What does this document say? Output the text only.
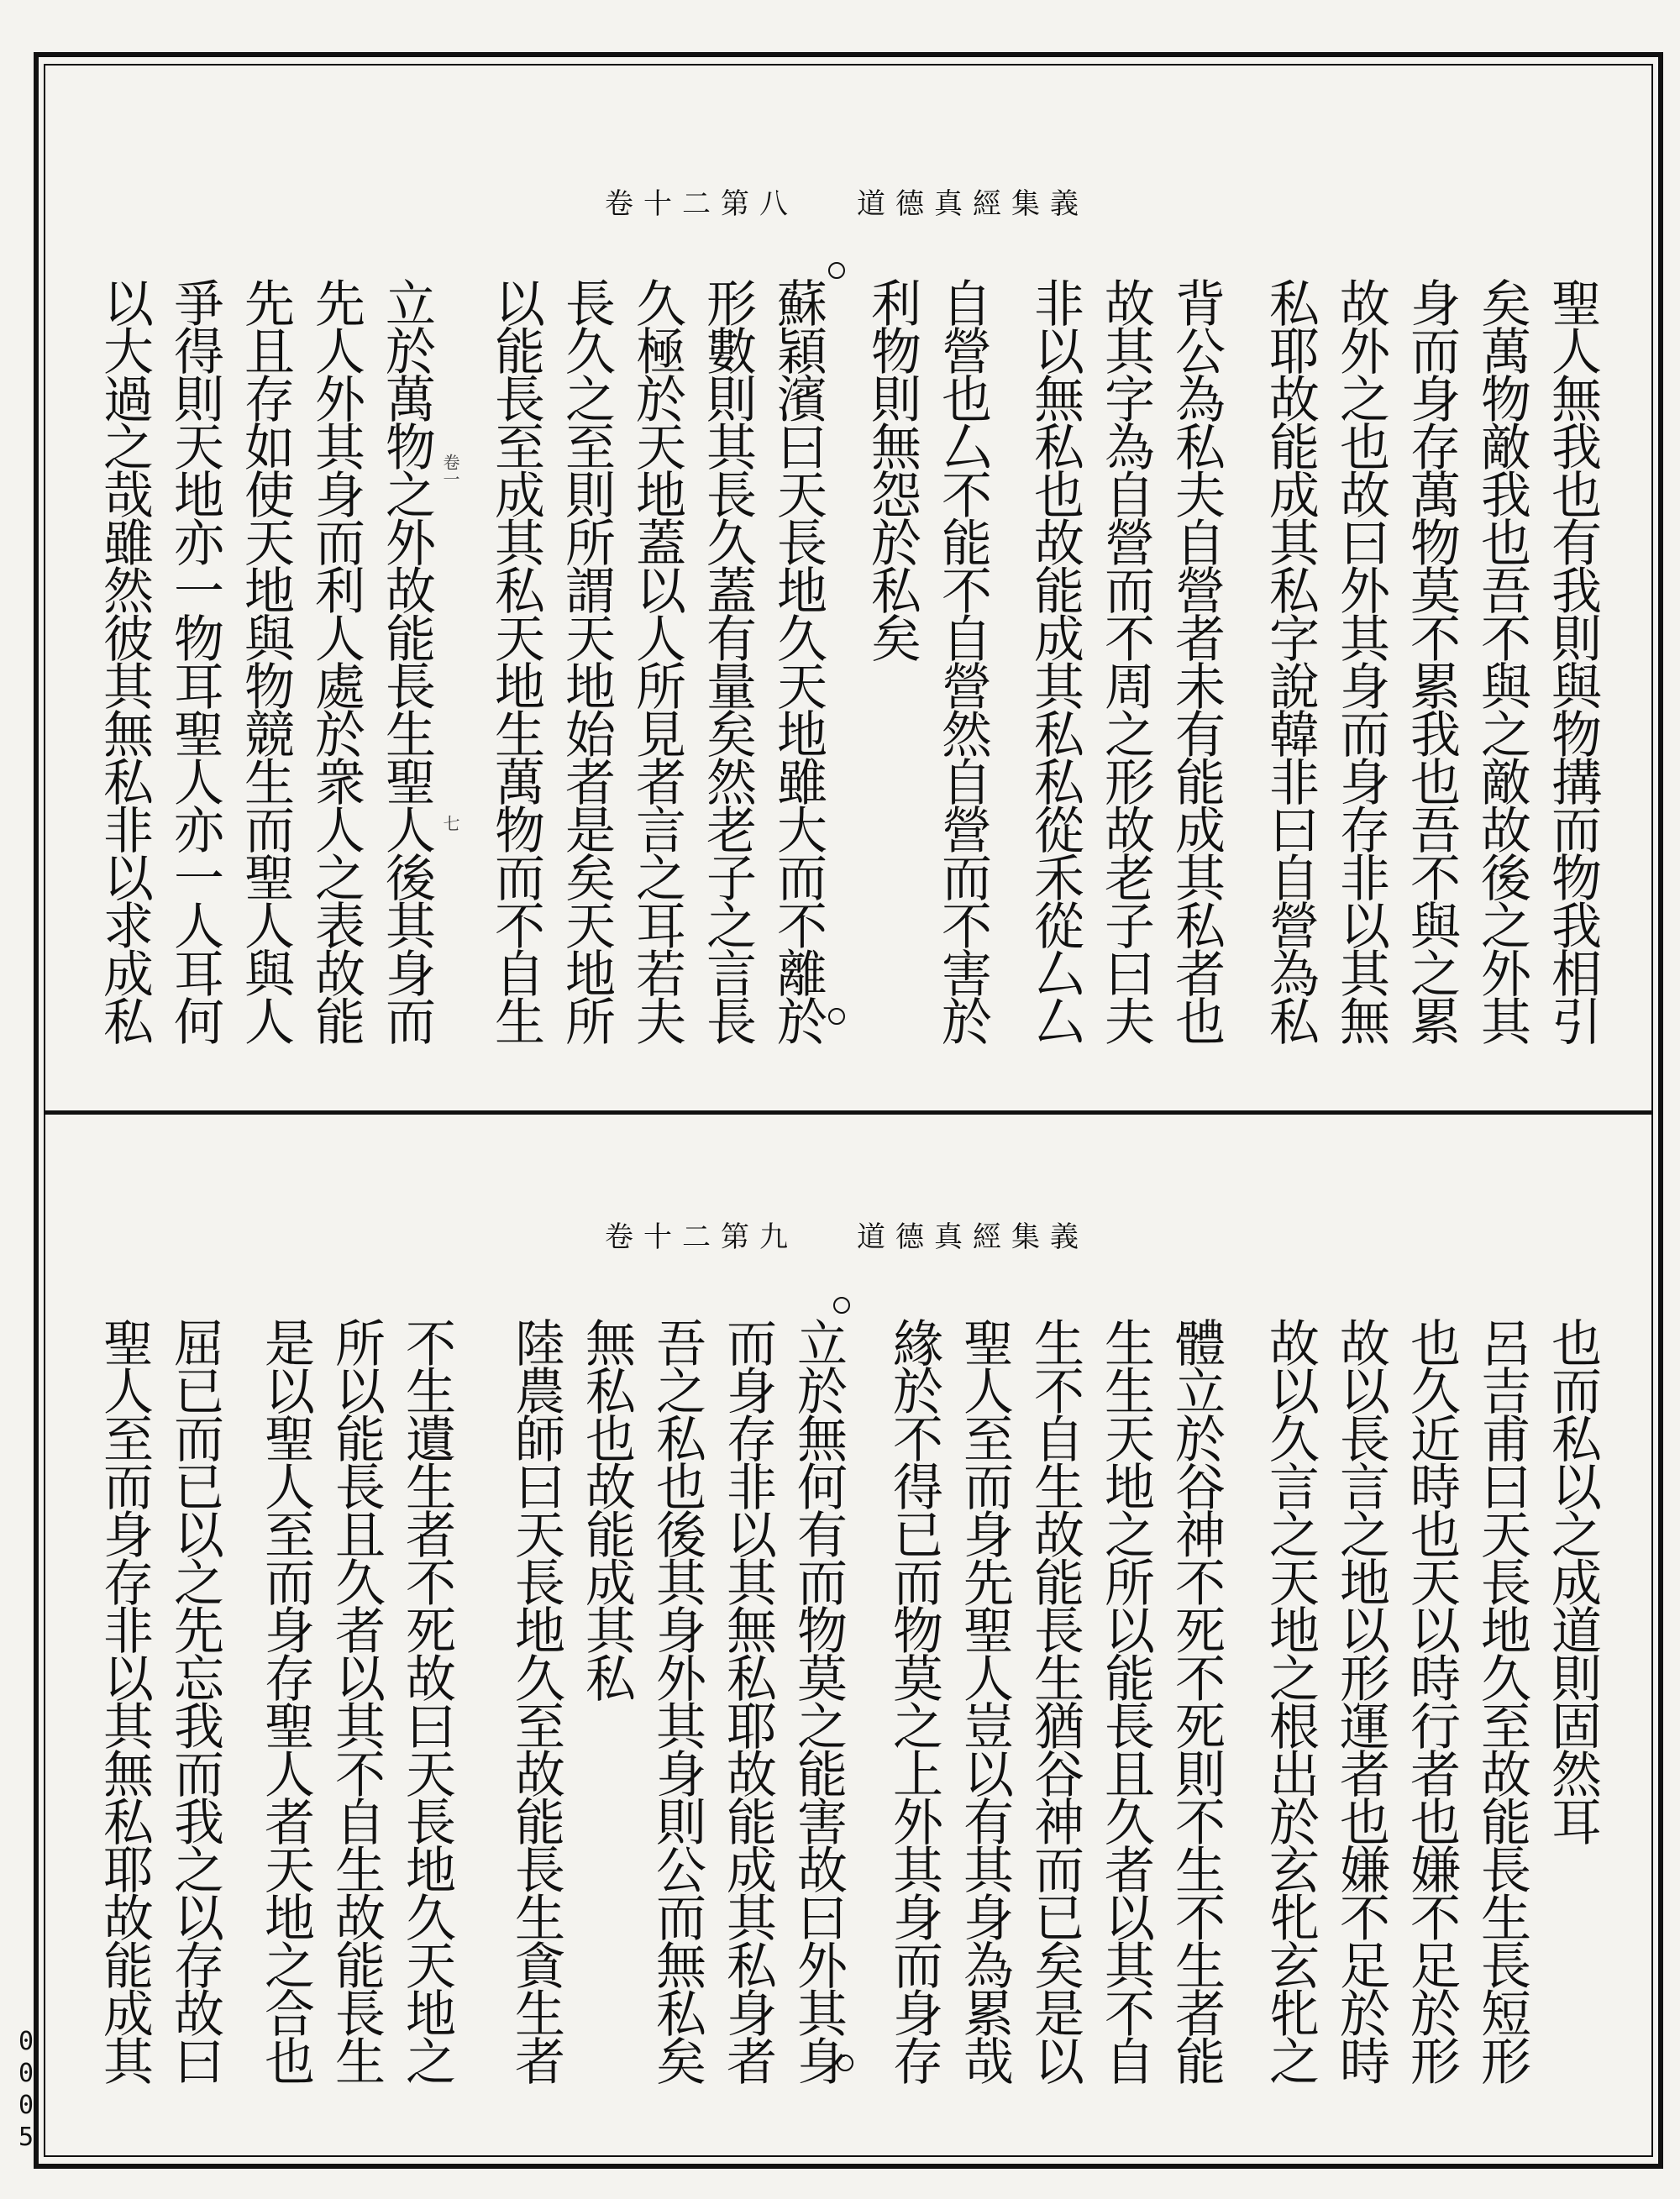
卷十二第八 道德真經集義
聖人無我也有我則與物搆而物我相引
矣萬物敵我也吾不與之敵故後之外其
身而身存萬物莫不累我也吾不與之累
故外之也故曰外其身而身存非以其無
私耶故能成其私字說韓非曰自營為私
背公為私夫自營者未有能成其私者也
故其字為自營而不周之形故老子曰夫
非以無私也故能成其私私從禾從厶厶
自營也厶不能不自營然自營而不害於
利物則無怨於私矣
蘇穎濱曰天長地久天地雖大而不離於
形數則其長久蓋有量矣然老子之言長
久極於天地蓋以人所見者言之耳若夫
長久之至則所謂天地始者是矣天地所
以能長至成其私天地生萬物而不自生
立於萬物之外故能長生聖人後其身而
先人外其身而利人處於衆人之表故能
先且存如使天地與物競生而聖人與人
爭得則天地亦一物耳聖人亦一人耳何
以大過之哉雖然彼其無私非以求成私	卷一
七
卷十二第九 道德真經集義
也而私以之成道則固然耳
呂吉甫曰天長地久至故能長生長短形
也久近時也天以時行者也嫌不足於形
故以長言之地以形運者也嫌不足於時
故以久言之天地之根出於玄牝玄牝之
體立於谷神不死不死則不生不生者能
生生天地之所以能長且久者以其不自
生不自生故能長生猶谷神而已矣是以
聖人至而身先聖人豈以有其身為累哉
緣於不得已而物莫之上外其身而身存
立於無何有而物莫之能害故曰外其身
而身存非以其無私耶故能成其私身者
吾之私也後其身外其身則公而無私矣
無私也故能成其私
陸農師曰天長地久至故能長生貪生者
不生遺生者不死故曰天長地久天地之
所以能長且久者以其不自生故能長生
是以聖人至而身存聖人者天地之合也
屈已而已以之先忘我而我之以存故曰
聖人至而身存非以其無私耶故能成其
0
0
0
5
